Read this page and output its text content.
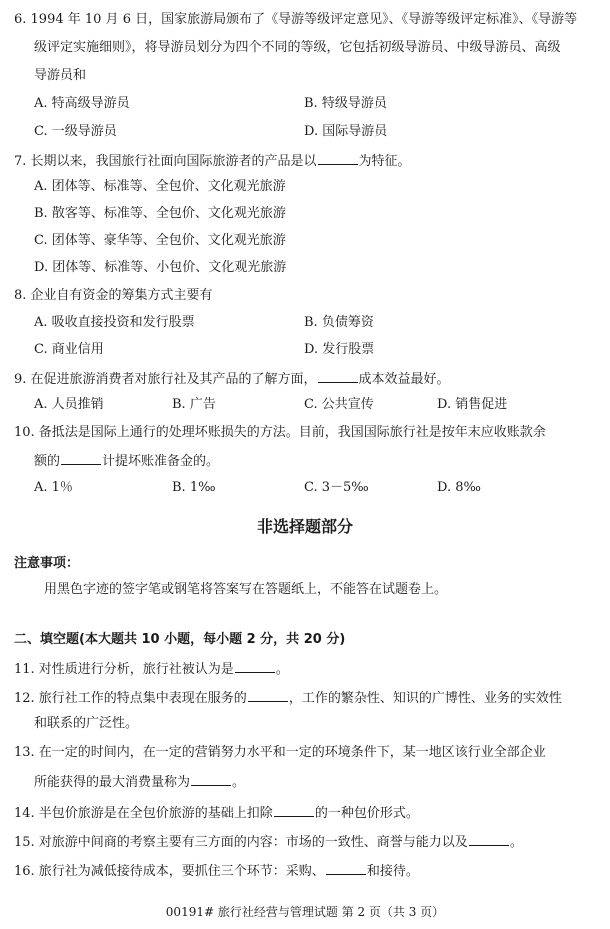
6. 1994 年 10 月 6 日，国家旅游局颁布了《导游等级评定意见》、《导游等级评定标准》、《导游等
级评定实施细则》，将导游员划分为四个不同的等级，它包括初级导游员、中级导游员、高级
导游员和
A. 特高级导游员	B. 特级导游员
C. 一级导游员	D. 国际导游员
7. 长期以来，我国旅行社面向国际旅游者的产品是以	为特征。
A. 团体等、标准等、全包价、文化观光旅游
B. 散客等、标准等、全包价、文化观光旅游
C. 团体等、豪华等、全包价、文化观光旅游
D. 团体等、标准等、小包价、文化观光旅游
8. 企业自有资金的筹集方式主要有
A. 吸收直接投资和发行股票	B. 负债筹资
C. 商业信用	D. 发行股票
9. 在促进旅游消费者对旅行社及其产品的了解方面，	成本效益最好。
A. 人员推销	B. 广告	C. 公共宣传	D. 销售促进
10. 备抵法是国际上通行的处理坏账损失的方法。目前，我国国际旅行社是按年末应收账款余
额的	计提坏账准备金的。
A. 1％	B. 1‰	C. 3－5‰	D. 8‰
非选择题部分
注意事项：
用黑色字迹的签字笔或钢笔将答案写在答题纸上，不能答在试题卷上。
二、填空题(本大题共 10 小题，每小题 2 分，共 20 分)
11. 对性质进行分析，旅行社被认为是	。
12. 旅行社工作的特点集中表现在服务的	，工作的繁杂性、知识的广博性、业务的实效性
和联系的广泛性。
13. 在一定的时间内，在一定的营销努力水平和一定的环境条件下，某一地区该行业全部企业
所能获得的最大消费量称为	。
14. 半包价旅游是在全包价旅游的基础上扣除	的一种包价形式。
15. 对旅游中间商的考察主要有三方面的内容：市场的一致性、商誉与能力以及	。
16. 旅行社为减低接待成本，要抓住三个环节：采购、	和接待。
00191# 旅行社经营与管理试题 第 2 页（共 3 页）
